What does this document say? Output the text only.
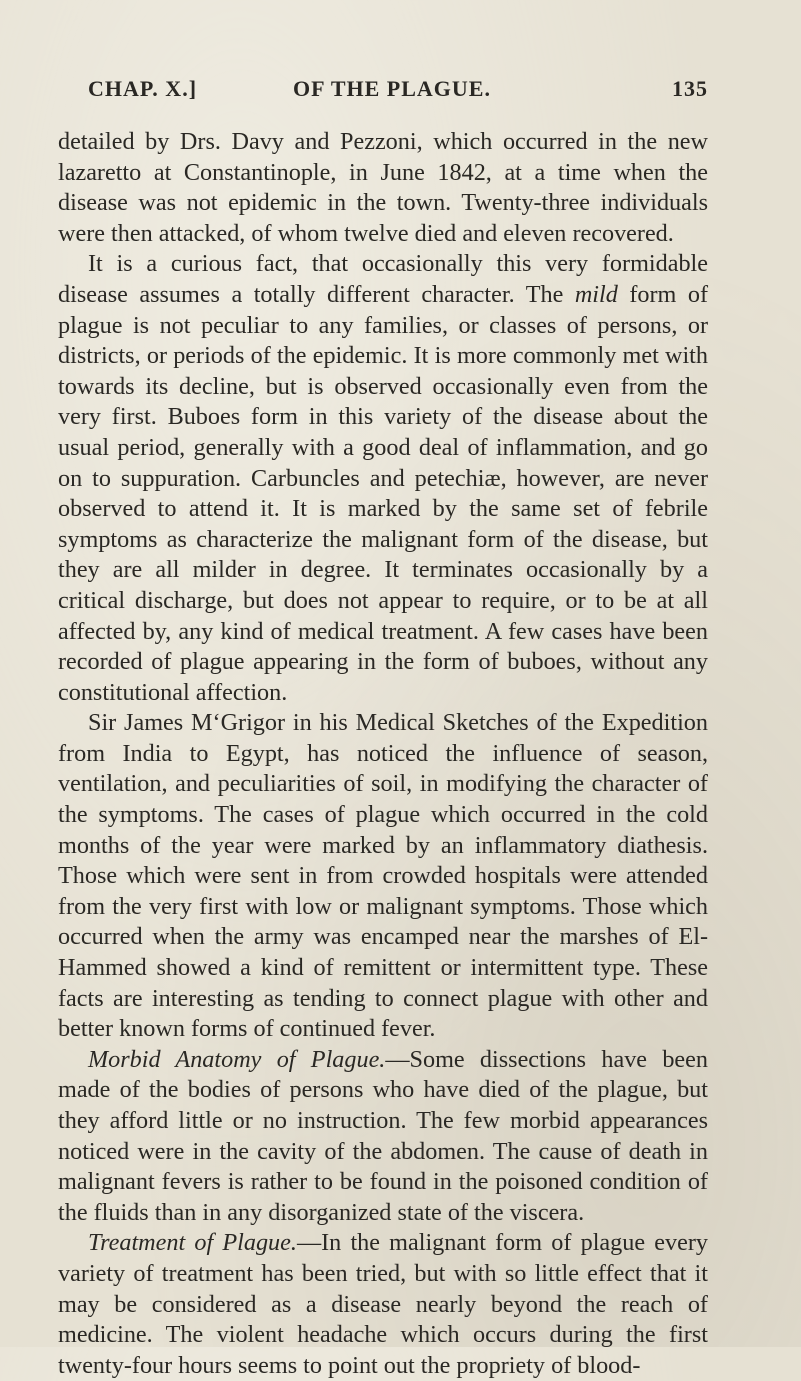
CHAP. X.]	OF THE PLAGUE.	135

detailed by Drs. Davy and Pezzoni, which occurred in the new lazaretto at Constantinople, in June 1842, at a time when the disease was not epidemic in the town. Twenty-three individuals were then attacked, of whom twelve died and eleven recovered.

It is a curious fact, that occasionally this very formidable disease assumes a totally different character. The mild form of plague is not peculiar to any families, or classes of persons, or districts, or periods of the epidemic. It is more commonly met with towards its decline, but is observed occasionally even from the very first. Buboes form in this variety of the disease about the usual period, generally with a good deal of inflammation, and go on to suppuration. Carbuncles and petechiæ, however, are never observed to attend it. It is marked by the same set of febrile symptoms as characterize the malignant form of the disease, but they are all milder in degree. It terminates occasionally by a critical discharge, but does not appear to require, or to be at all affected by, any kind of medical treatment. A few cases have been recorded of plague appearing in the form of buboes, without any constitutional affection.

Sir James M‘Grigor in his Medical Sketches of the Expedition from India to Egypt, has noticed the influence of season, ventilation, and peculiarities of soil, in modifying the character of the symptoms. The cases of plague which occurred in the cold months of the year were marked by an inflammatory diathesis. Those which were sent in from crowded hospitals were attended from the very first with low or malignant symptoms. Those which occurred when the army was encamped near the marshes of El-Hammed showed a kind of remittent or intermittent type. These facts are interesting as tending to connect plague with other and better known forms of continued fever.

Morbid Anatomy of Plague.—Some dissections have been made of the bodies of persons who have died of the plague, but they afford little or no instruction. The few morbid appearances noticed were in the cavity of the abdomen. The cause of death in malignant fevers is rather to be found in the poisoned condition of the fluids than in any disorganized state of the viscera.

Treatment of Plague.—In the malignant form of plague every variety of treatment has been tried, but with so little effect that it may be considered as a disease nearly beyond the reach of medicine. The violent headache which occurs during the first twenty-four hours seems to point out the propriety of blood-
